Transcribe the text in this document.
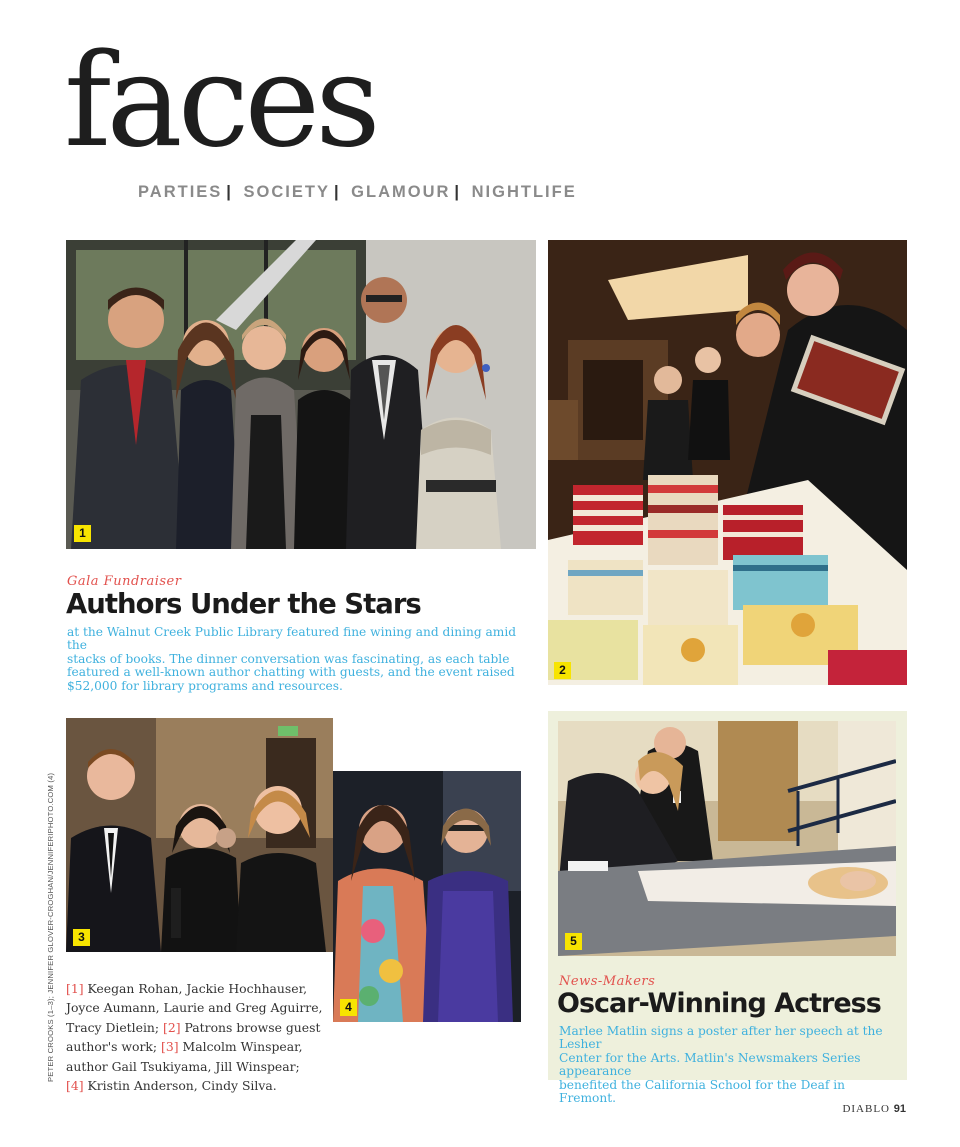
faces
PARTIES | SOCIETY | GLAMOUR | NIGHTLIFE
1
2
Gala Fundraiser
Authors Under the Stars
at the Walnut Creek Public Library featured fine wining and dining amid the
stacks of books. The dinner conversation was fascinating, as each table
featured a well-known author chatting with guests, and the event raised
$52,000 for library programs and resources.
3
4
[1] Keegan Rohan, Jackie Hochhauser,
Joyce Aumann, Laurie and Greg Aguirre,
Tracy Dietlein; [2] Patrons browse guest
author's work; [3] Malcolm Winspear,
author Gail Tsukiyama, Jill Winspear;
[4] Kristin Anderson, Cindy Silva.
5
News-Makers
Oscar-Winning Actress
Marlee Matlin signs a poster after her speech at the Lesher
Center for the Arts. Matlin's Newsmakers Series appearance
benefited the California School for the Deaf in Fremont.
PETER CROOKS (1–3); JENNIFER GLOVER-CROGHAN/JENNIFERIPHOTO.COM (4)
DIABLO 91
